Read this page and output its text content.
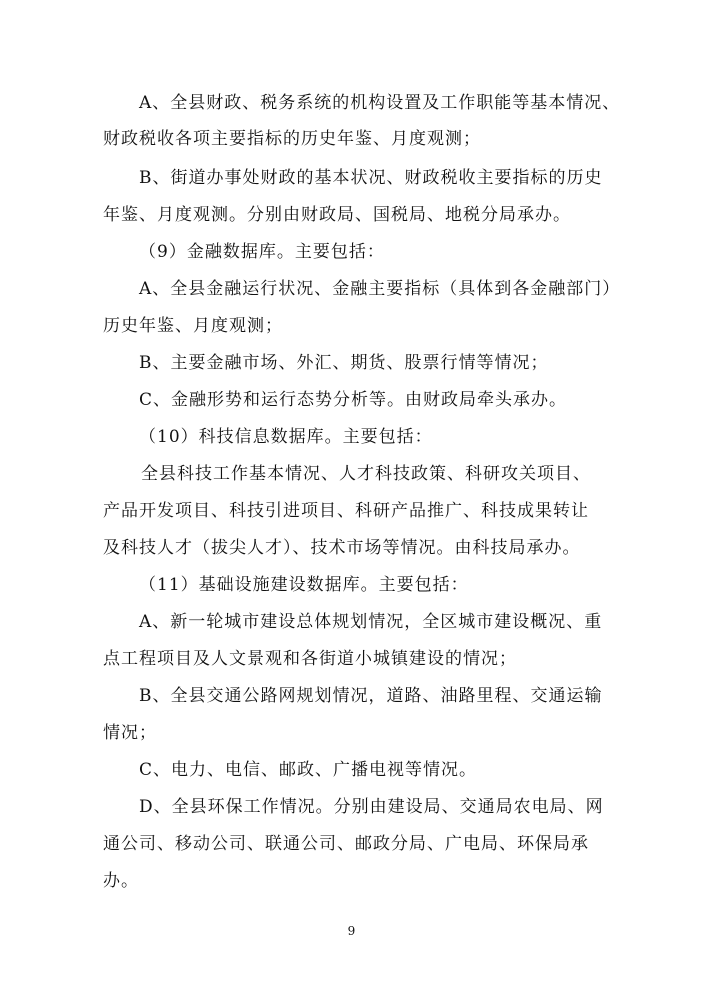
A、全县财政、税务系统的机构设置及工作职能等基本情况、
财政税收各项主要指标的历史年鉴、月度观测；
B、街道办事处财政的基本状况、财政税收主要指标的历史
年鉴、月度观测。分别由财政局、国税局、地税分局承办。
（9）金融数据库。主要包括：
A、全县金融运行状况、金融主要指标（具体到各金融部门）
历史年鉴、月度观测；
B、主要金融市场、外汇、期货、股票行情等情况；
C、金融形势和运行态势分析等。由财政局牵头承办。
（10）科技信息数据库。主要包括：
全县科技工作基本情况、人才科技政策、科研攻关项目、
产品开发项目、科技引进项目、科研产品推广、科技成果转让
及科技人才（拔尖人才）、技术市场等情况。由科技局承办。
（11）基础设施建设数据库。主要包括：
A、新一轮城市建设总体规划情况，全区城市建设概况、重
点工程项目及人文景观和各街道小城镇建设的情况；
B、全县交通公路网规划情况，道路、油路里程、交通运输
情况；
C、电力、电信、邮政、广播电视等情况。
D、全县环保工作情况。分别由建设局、交通局农电局、网
通公司、移动公司、联通公司、邮政分局、广电局、环保局承
办。
9
